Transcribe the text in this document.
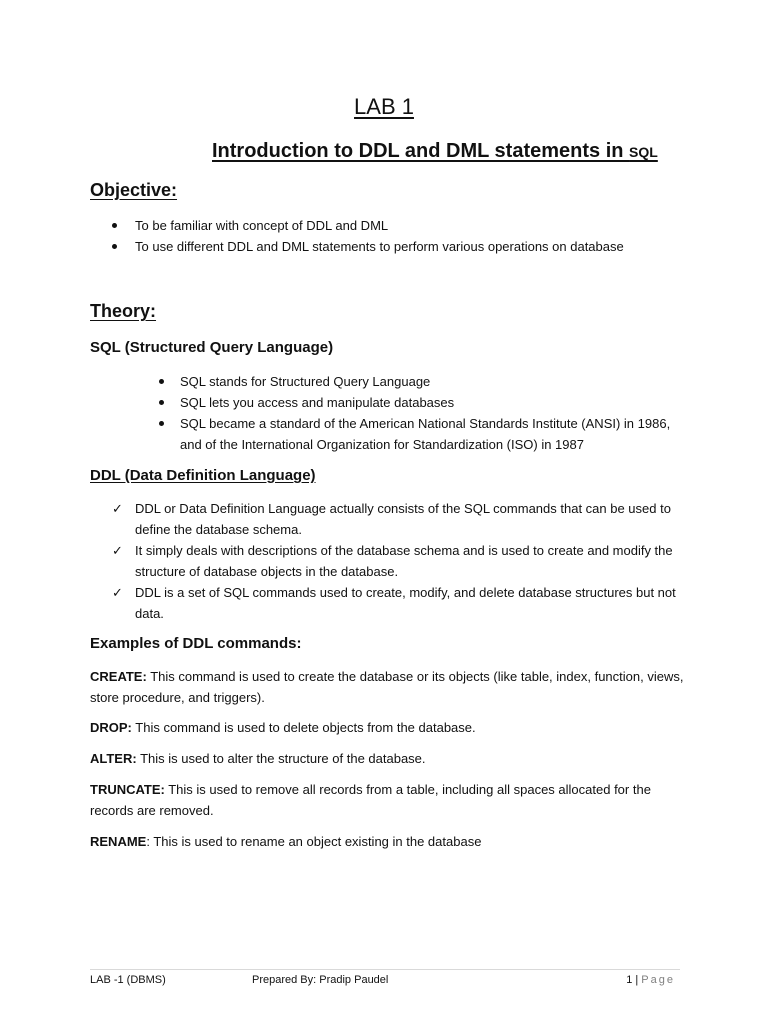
LAB 1
Introduction to DDL and DML statements in SQL
Objective:
To be familiar with concept of DDL and DML
To use different DDL and DML statements to perform various operations on database
Theory:
SQL (Structured Query Language)
SQL stands for Structured Query Language
SQL lets you access and manipulate databases
SQL became a standard of the American National Standards Institute (ANSI) in 1986, and of the International Organization for Standardization (ISO) in 1987
DDL (Data Definition Language)
✓ DDL or Data Definition Language actually consists of the SQL commands that can be used to define the database schema.
✓ It simply deals with descriptions of the database schema and is used to create and modify the structure of database objects in the database.
✓ DDL is a set of SQL commands used to create, modify, and delete database structures but not data.
Examples of DDL commands:
CREATE: This command is used to create the database or its objects (like table, index, function, views, store procedure, and triggers).
DROP: This command is used to delete objects from the database.
ALTER: This is used to alter the structure of the database.
TRUNCATE: This is used to remove all records from a table, including all spaces allocated for the records are removed.
RENAME: This is used to rename an object existing in the database
LAB -1 (DBMS)	Prepared By: Pradip Paudel	1 | Page
